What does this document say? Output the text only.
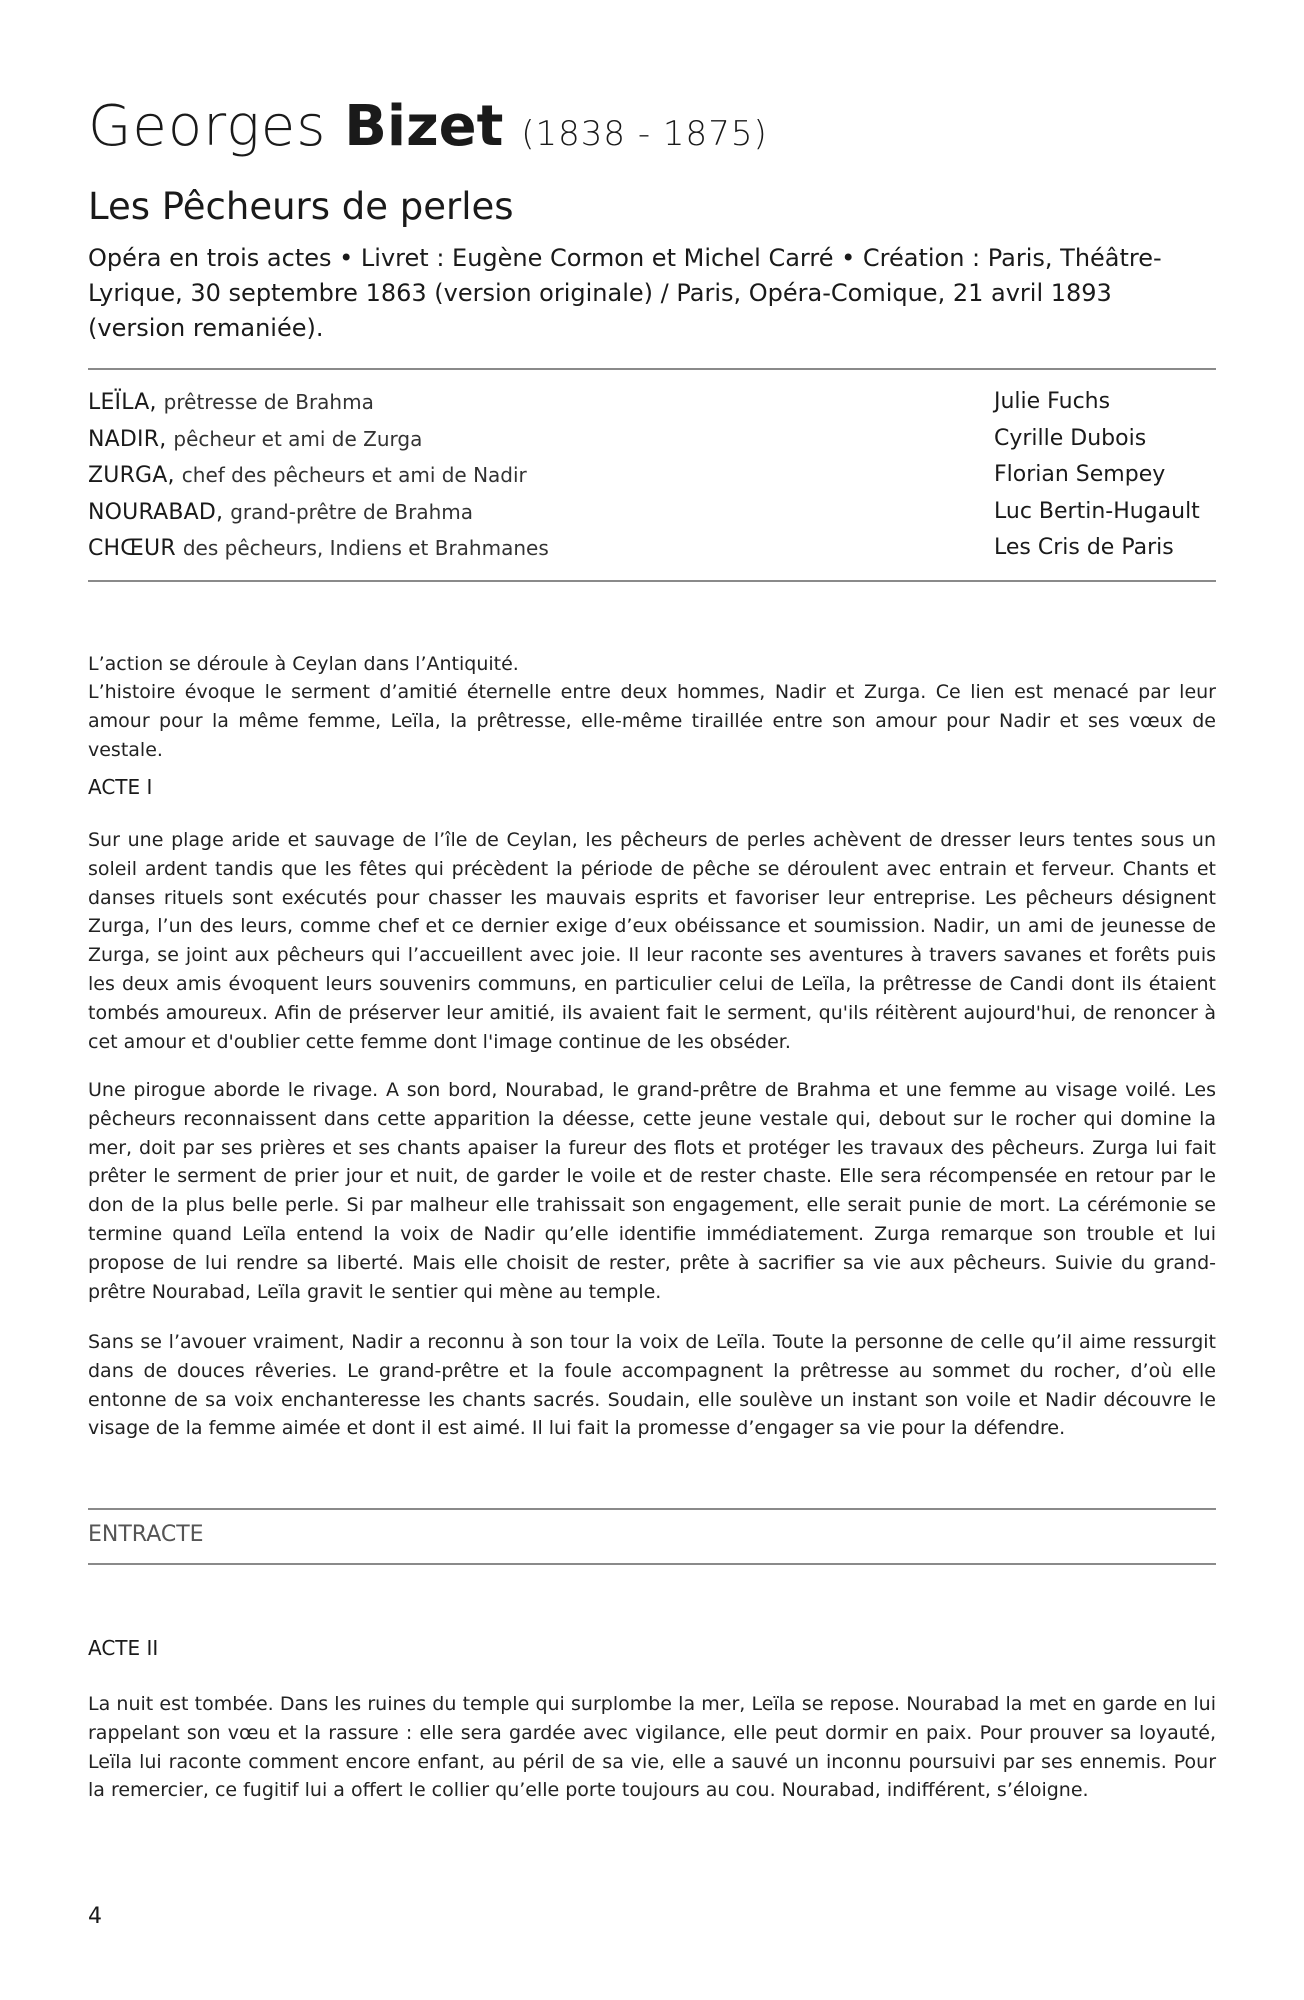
Georges Bizet (1838 - 1875)
Les Pêcheurs de perles

Opéra en trois actes • Livret : Eugène Cormon et Michel Carré • Création : Paris, Théâtre-Lyrique, 30 septembre 1863 (version originale) / Paris, Opéra-Comique, 21 avril 1893 (version remaniée).

LEÏLA, prêtresse de Brahma	Julie Fuchs
NADIR, pêcheur et ami de Zurga	Cyrille Dubois
ZURGA, chef des pêcheurs et ami de Nadir	Florian Sempey
NOURABAD, grand-prêtre de Brahma	Luc Bertin-Hugault
CHŒUR des pêcheurs, Indiens et Brahmanes	Les Cris de Paris

L’action se déroule à Ceylan dans l’Antiquité.

L’histoire évoque le serment d’amitié éternelle entre deux hommes, Nadir et Zurga. Ce lien est menacé par leur amour pour la même femme, Leïla, la prêtresse, elle-même tiraillée entre son amour pour Nadir et ses vœux de vestale.

ACTE I

Sur une plage aride et sauvage de l’île de Ceylan, les pêcheurs de perles achèvent de dresser leurs tentes sous un soleil ardent tandis que les fêtes qui précèdent la période de pêche se déroulent avec entrain et ferveur. Chants et danses rituels sont exécutés pour chasser les mauvais esprits et favoriser leur entreprise. Les pêcheurs désignent Zurga, l’un des leurs, comme chef et ce dernier exige d’eux obéissance et soumission. Nadir, un ami de jeunesse de Zurga, se joint aux pêcheurs qui l’accueillent avec joie. Il leur raconte ses aventures à travers savanes et forêts puis les deux amis évoquent leurs souvenirs communs, en particulier celui de Leïla, la prêtresse de Candi dont ils étaient tombés amoureux. Afin de préserver leur amitié, ils avaient fait le serment, qu'ils réitèrent aujourd'hui, de renoncer à cet amour et d'oublier cette femme dont l'image continue de les obséder.

Une pirogue aborde le rivage. A son bord, Nourabad, le grand-prêtre de Brahma et une femme au visage voilé. Les pêcheurs reconnaissent dans cette apparition la déesse, cette jeune vestale qui, debout sur le rocher qui domine la mer, doit par ses prières et ses chants apaiser la fureur des flots et protéger les travaux des pêcheurs. Zurga lui fait prêter le serment de prier jour et nuit, de garder le voile et de rester chaste. Elle sera récompensée en retour par le don de la plus belle perle. Si par malheur elle trahissait son engagement, elle serait punie de mort. La cérémonie se termine quand Leïla entend la voix de Nadir qu’elle identifie immédiatement. Zurga remarque son trouble et lui propose de lui rendre sa liberté. Mais elle choisit de rester, prête à sacrifier sa vie aux pêcheurs. Suivie du grand-prêtre Nourabad, Leïla gravit le sentier qui mène au temple.

Sans se l’avouer vraiment, Nadir a reconnu à son tour la voix de Leïla. Toute la personne de celle qu’il aime ressurgit dans de douces rêveries. Le grand-prêtre et la foule accompagnent la prêtresse au sommet du rocher, d’où elle entonne de sa voix enchanteresse les chants sacrés. Soudain, elle soulève un instant son voile et Nadir découvre le visage de la femme aimée et dont il est aimé. Il lui fait la promesse d’engager sa vie pour la défendre.

ENTRACTE
ACTE II

La nuit est tombée. Dans les ruines du temple qui surplombe la mer, Leïla se repose. Nourabad la met en garde en lui rappelant son vœu et la rassure : elle sera gardée avec vigilance, elle peut dormir en paix. Pour prouver sa loyauté, Leïla lui raconte comment encore enfant, au péril de sa vie, elle a sauvé un inconnu poursuivi par ses ennemis. Pour la remercier, ce fugitif lui a offert le collier qu’elle porte toujours au cou. Nourabad, indifférent, s’éloigne.

4
